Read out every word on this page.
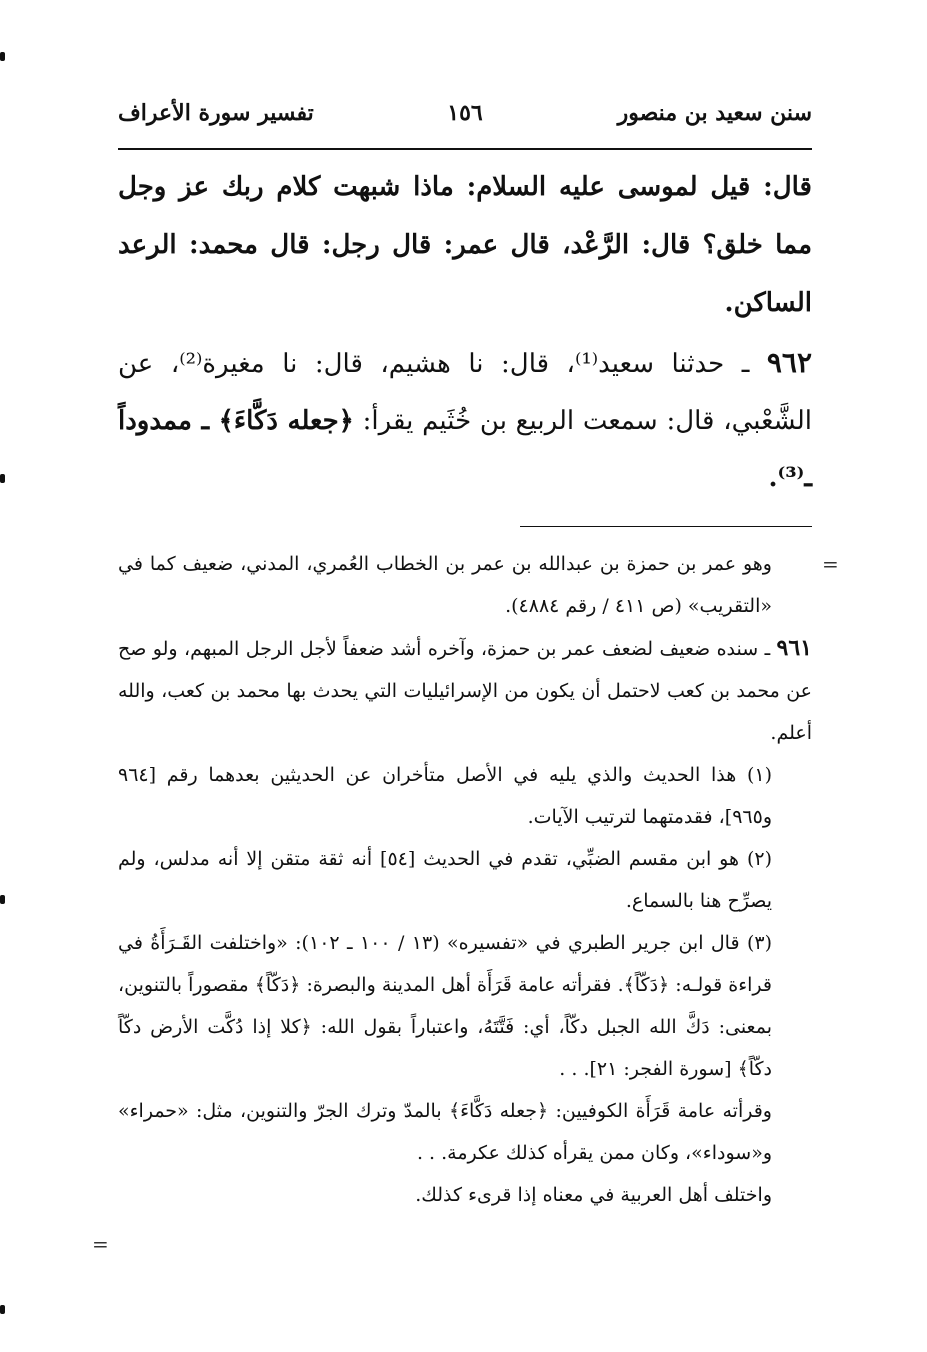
سنن سعيد بن منصور
١٥٦
تفسير سورة الأعراف

قال: قيل لموسى عليه السلام: ماذا شبهت كلام ربك عز وجل مما خلق؟ قال: الرَّعْد، قال عمر: قال رجل: قال محمد: الرعد الساكن.

٩٦٢ ـ حدثنا سعيد⁽¹⁾، قال: نا هشيم، قال: نا مغيرة⁽²⁾، عن الشَّعْبي، قال: سمعت الربيع بن خُثَيم يقرأ: ﴿جعله دَكَّاءَ﴾ ـ ممدوداً ـ⁽³⁾.

=

وهو عمر بن حمزة بن عبدالله بن عمر بن الخطاب العُمري، المدني، ضعيف كما في «التقريب» (ص ٤١١ / رقم ٤٨٨٤).

٩٦١ ـ سنده ضعيف لضعف عمر بن حمزة، وآخره أشد ضعفاً لأجل الرجل المبهم، ولو صح عن محمد بن كعب لاحتمل أن يكون من الإسرائيليات التي يحدث بها محمد بن كعب، والله أعلم.

(١) هذا الحديث والذي يليه في الأصل متأخران عن الحديثين بعدهما رقم [٩٦٤ و٩٦٥]، فقدمتهما لترتيب الآيات.

(٢) هو ابن مقسم الضبِّي، تقدم في الحديث [٥٤] أنه ثقة متقن إلا أنه مدلس، ولم يصرِّح هنا بالسماع.

(٣) قال ابن جرير الطبري في «تفسيره» (١٣ / ١٠٠ ـ ١٠٢): «واختلفت القَـرَأَةُ في قراءة قولـه: ﴿دَكّاً﴾. فقرأته عامة قَرَأَة أهل المدينة والبصرة: ﴿دَكّاً﴾ مقصوراً بالتنوين، بمعنى: دَكَّ الله الجبل دكّاً، أي: فَتَّتَهُ، واعتباراً بقول الله: ﴿كلا إذا دُكَّت الأرض دكّاً دكّاً﴾ [سورة الفجر: ٢١]. . .

وقرأته عامة قَرَأَة الكوفيين: ﴿جعله دَكَّاءَ﴾ بالمدّ وترك الجرّ والتنوين، مثل: «حمراء» و«سوداء»، وكان ممن يقرأه كذلك عكرمة. . .

واختلف أهل العربية في معناه إذا قرىء كذلك.

=
